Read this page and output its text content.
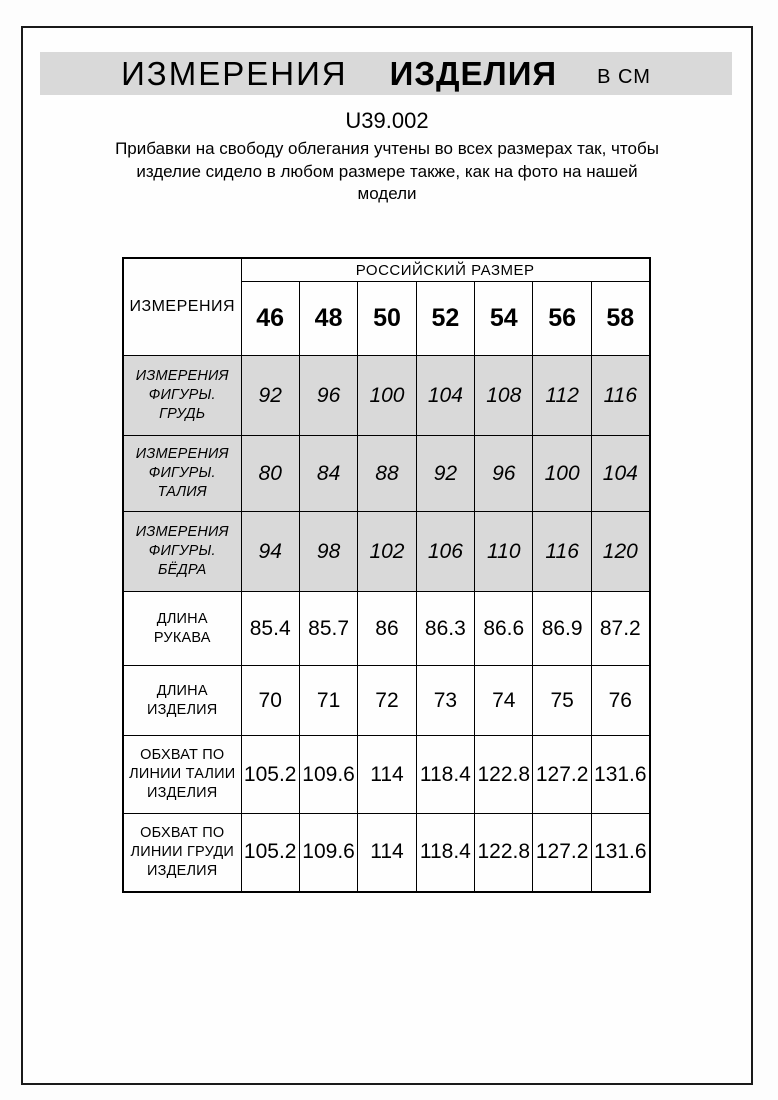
ИЗМЕРЕНИЯ ИЗДЕЛИЯ В СМ
U39.002

Прибавки на свободу облегания учтены во всех размерах так, чтобы изделие сидело в любом размере также, как на фото на нашей модели

ИЗМЕРЕНИЯ	РОССИЙСКИЙ РАЗМЕР						
	46	48	50	52	54	56	58
ИЗМЕРЕНИЯ ФИГУРЫ. ГРУДЬ	92	96	100	104	108	112	116
ИЗМЕРЕНИЯ ФИГУРЫ. ТАЛИЯ	80	84	88	92	96	100	104
ИЗМЕРЕНИЯ ФИГУРЫ. БЁДРА	94	98	102	106	110	116	120
ДЛИНА РУКАВА	85.4	85.7	86	86.3	86.6	86.9	87.2
ДЛИНА ИЗДЕЛИЯ	70	71	72	73	74	75	76
ОБХВАТ ПО ЛИНИИ ТАЛИИ ИЗДЕЛИЯ	105.2	109.6	114	118.4	122.8	127.2	131.6
ОБХВАТ ПО ЛИНИИ ГРУДИ ИЗДЕЛИЯ	105.2	109.6	114	118.4	122.8	127.2	131.6
